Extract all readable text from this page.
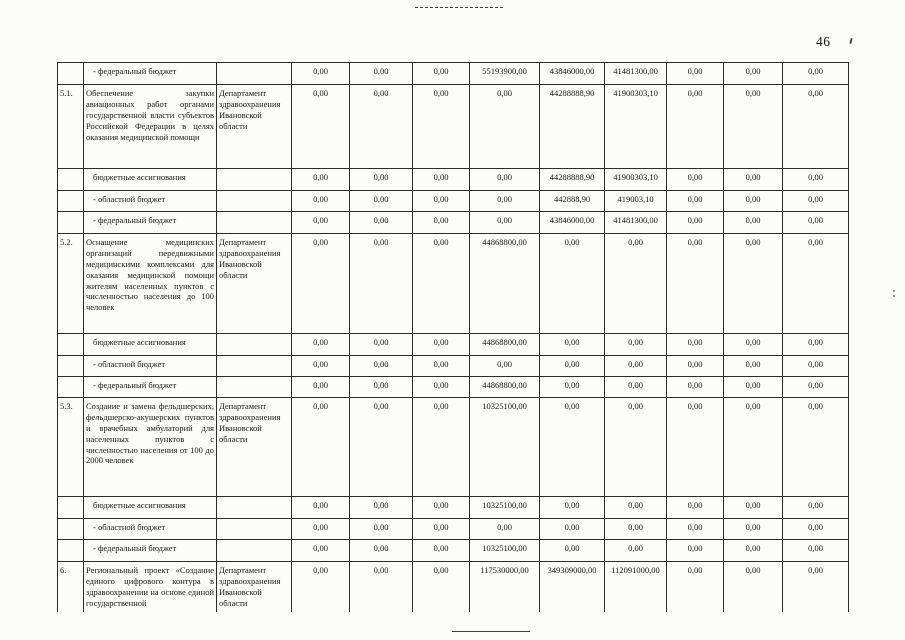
46
	- федеральный бюджет		0,00	0,00	0,00	55193900,00	43846000,00	41481300,00	0,00	0,00	0,00
5.1.	Обеспечение закупки авиационных работ органами государственной власти субъектов Российской Федерации в целях оказания медицинской помощи	Департамент здравоохранения Ивановской области	0,00	0,00	0,00	0,00	44288888,90	41900303,10	0,00	0,00	0,00
	бюджетные ассигнования		0,00	0,00	0,00	0,00	44288888,90	41900303,10	0,00	0,00	0,00
	- областной бюджет		0,00	0,00	0,00	0,00	442888,90	419003,10	0,00	0,00	0,00
	- федеральный бюджет		0,00	0,00	0,00	0,00	43846000,00	41481300,00	0,00	0,00	0,00
5.2.	Оснащение медицинских организаций передвижными медицинскими комплексами для оказания медицинской помощи жителям населенных пунктов с численностью населения до 100 человек	Департамент здравоохранения Ивановской области	0,00	0,00	0,00	44868800,00	0,00	0,00	0,00	0,00	0,00
	бюджетные ассигнования		0,00	0,00	0,00	44868800,00	0,00	0,00	0,00	0,00	0,00
	- областной бюджет		0,00	0,00	0,00	0,00	0,00	0,00	0,00	0,00	0,00
	- федеральный бюджет		0,00	0,00	0,00	44868800,00	0,00	0,00	0,00	0,00	0,00
5.3.	Создание и замена фельдшерских, фельдшерско-акушерских пунктов и врачебных амбулаторий для населенных пунктов с численностью населения от 100 до 2000 человек	Департамент здравоохранения Ивановской области	0,00	0,00	0,00	10325100,00	0,00	0,00	0,00	0,00	0,00
	бюджетные ассигнования		0,00	0,00	0,00	10325100,00	0,00	0,00	0,00	0,00	0,00
	- областной бюджет		0,00	0,00	0,00	0,00	0,00	0,00	0,00	0,00	0,00
	- федеральный бюджет		0,00	0,00	0,00	10325100,00	0,00	0,00	0,00	0,00	0,00
6.	Региональный проект «Создание единого цифрового контура в здравоохранении на основе единой государственной	Департамент здравоохранения Ивановской области	0,00	0,00	0,00	117530000,00	349309000,00	112091000,00	0,00	0,00	0,00
